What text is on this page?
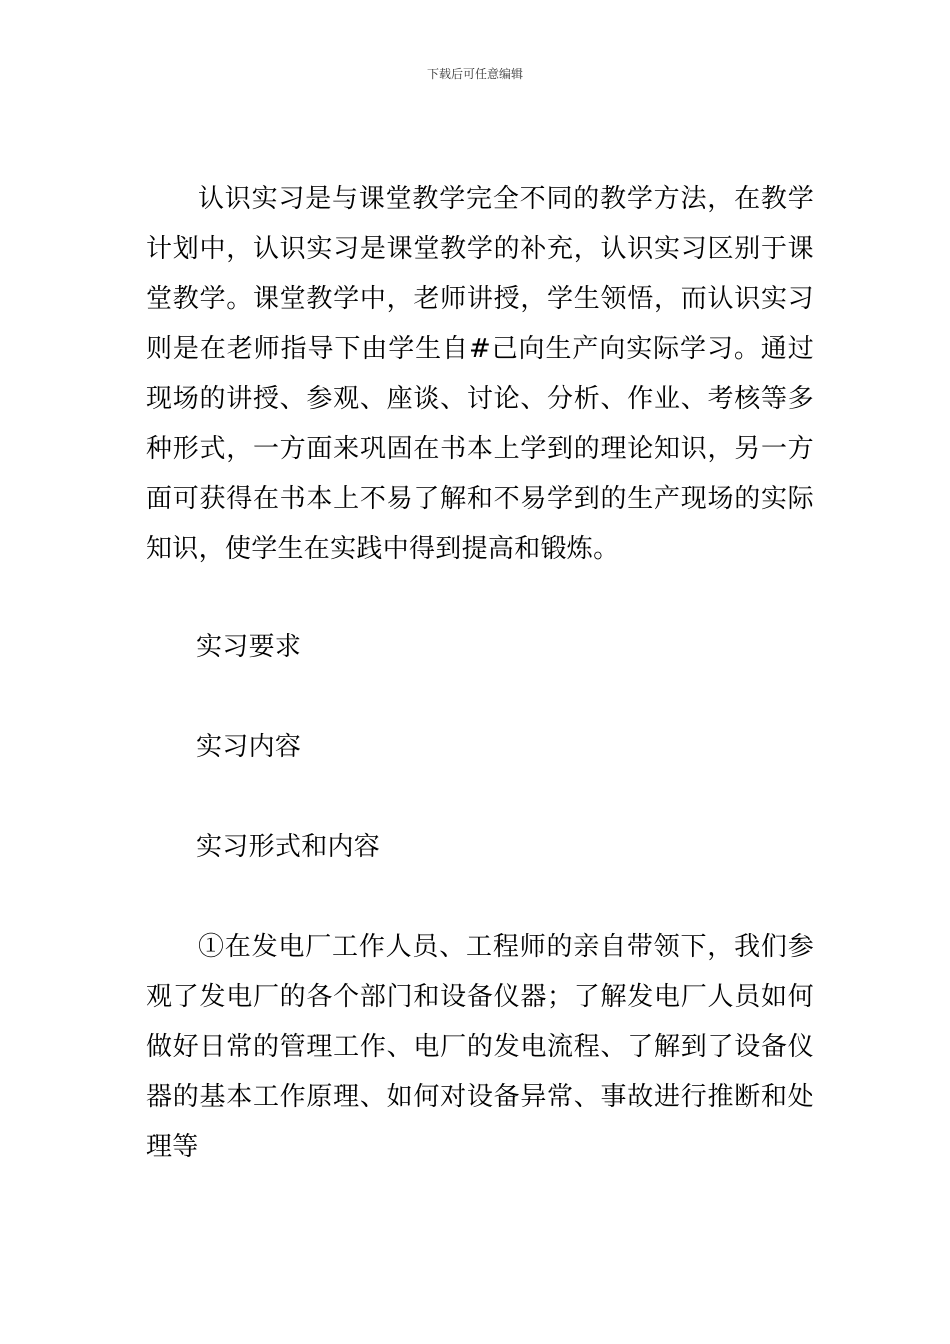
下载后可任意编辑

认识实习是与课堂教学完全不同的教学方法，在教学计划中，认识实习是课堂教学的补充，认识实习区别于课堂教学。课堂教学中，老师讲授，学生领悟，而认识实习则是在老师指导下由学生自#己向生产向实际学习。通过现场的讲授、参观、座谈、讨论、分析、作业、考核等多种形式，一方面来巩固在书本上学到的理论知识，另一方面可获得在书本上不易了解和不易学到的生产现场的实际知识，使学生在实践中得到提高和锻炼。

实习要求

实习内容

实习形式和内容

①在发电厂工作人员、工程师的亲自带领下，我们参观了发电厂的各个部门和设备仪器；了解发电厂人员如何做好日常的管理工作、电厂的发电流程、了解到了设备仪器的基本工作原理、如何对设备异常、事故进行推断和处理等
